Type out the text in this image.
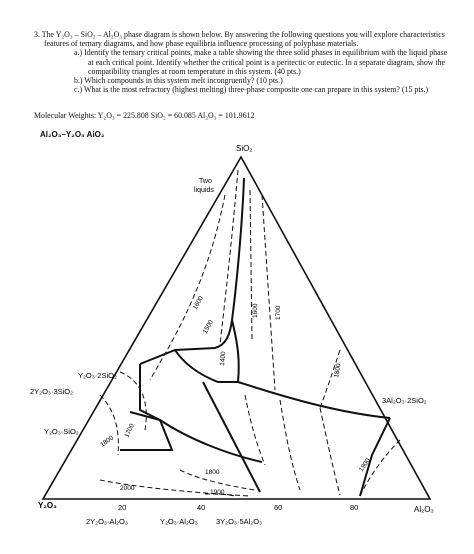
3. The Y₂O₃ – SiO₂ – Al₂O₃ phase diagram is shown below. By answering the following questions you will explore characteristics features of ternary diagrams, and how phase equilibria influence processing of polyphase materials.

a.) Identify the ternary critical points, make a table showing the three solid phases in equilibrium with the liquid phase at each critical point. Identify whether the critical point is a peritectic or eutectic. In a separate diagram, show the compatibility triangles at room temperature in this system. (40 pts.)

b.) Which compounds in this system melt incongruently? (10 pts.)

c.) What is the most refractory (highest melting) three-phase composite one can prepare in this system? (15 pts.)

Molecular Weights: Y₂O₃ = 225.808 SiO₂ = 60.085 Al₂O₃ = 101.9612
Al₂O₃–Y₂O₃ AiO₂
SiO₂
Y₂O₃	Al₂O₃
Two
liquids
Y₂O₃·2SiO₂
2Y₂O₃·3SiO₂
Y₂O₃·SiO₂
3Al₂O₃·2SiO₂
2Y₂O₃·Al₂O₃	Y₂O₃·Al₂O₃ 3Y₂O₃·5Al₂O₃
20	40	60	80
1600
1500
1400
1600 1700
1800
1800
1700
1800
2000
1900
1900
